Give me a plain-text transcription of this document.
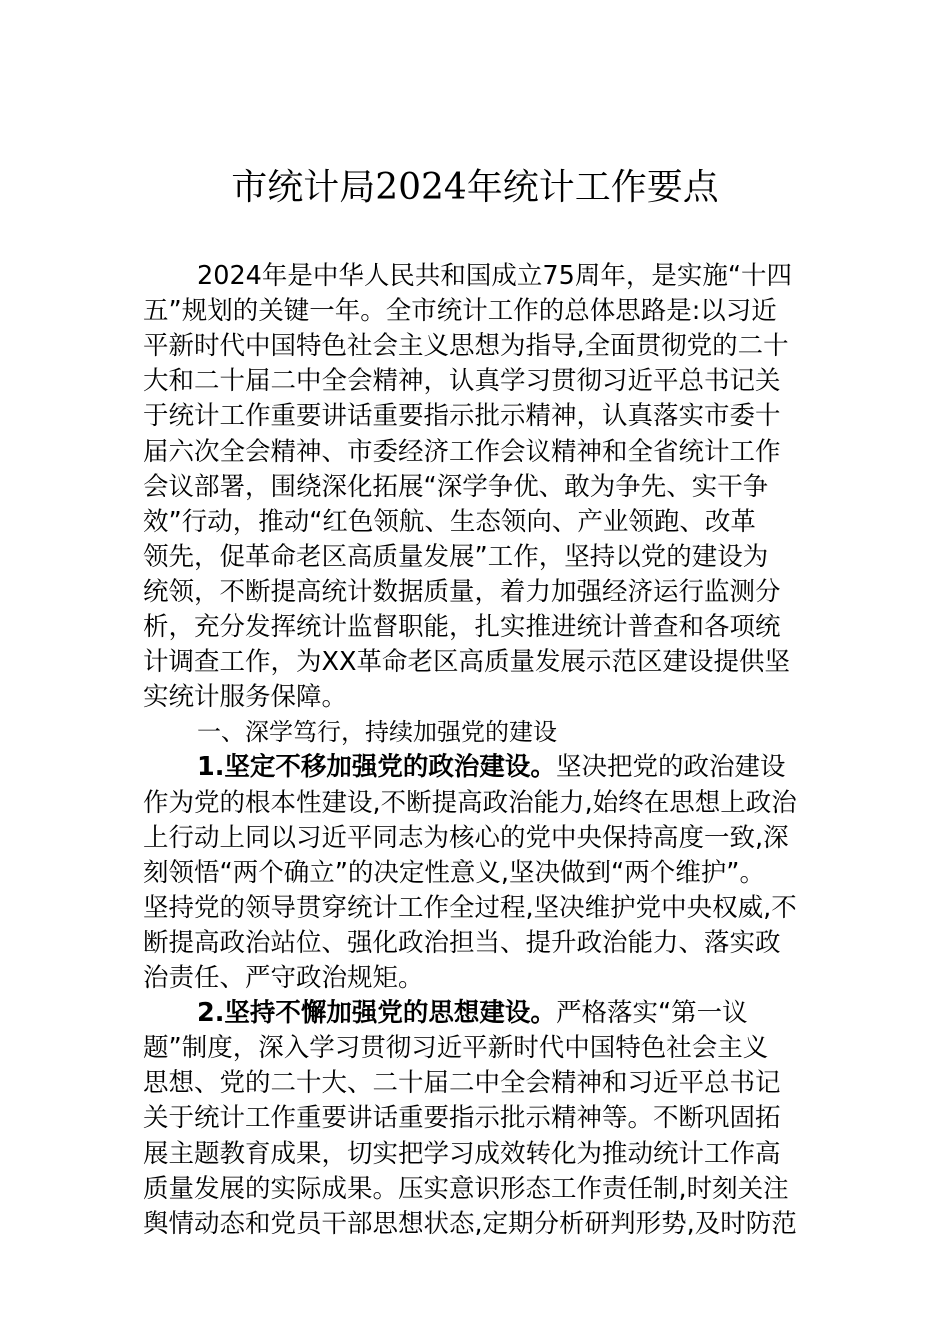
市统计局2024年统计工作要点
2024年是中华人民共和国成立75周年，是实施“十四
五”规划的关键一年。全市统计工作的总体思路是:以习近
平新时代中国特色社会主义思想为指导,全面贯彻党的二十
大和二十届二中全会精神，认真学习贯彻习近平总书记关
于统计工作重要讲话重要指示批示精神，认真落实市委十
届六次全会精神、市委经济工作会议精神和全省统计工作
会议部署，围绕深化拓展“深学争优、敢为争先、实干争
效”行动，推动“红色领航、生态领向、产业领跑、改革
领先，促革命老区高质量发展”工作，坚持以党的建设为
统领，不断提高统计数据质量，着力加强经济运行监测分
析，充分发挥统计监督职能，扎实推进统计普查和各项统
计调查工作，为XX革命老区高质量发展示范区建设提供坚
实统计服务保障。
一、深学笃行，持续加强党的建设
1.坚定不移加强党的政治建设。坚决把党的政治建设
作为党的根本性建设,不断提高政治能力,始终在思想上政治
上行动上同以习近平同志为核心的党中央保持高度一致,深
刻领悟“两个确立”的决定性意义,坚决做到“两个维护”。
坚持党的领导贯穿统计工作全过程,坚决维护党中央权威,不
断提高政治站位、强化政治担当、提升政治能力、落实政
治责任、严守政治规矩。
2.坚持不懈加强党的思想建设。严格落实“第一议
题”制度，深入学习贯彻习近平新时代中国特色社会主义
思想、党的二十大、二十届二中全会精神和习近平总书记
关于统计工作重要讲话重要指示批示精神等。不断巩固拓
展主题教育成果，切实把学习成效转化为推动统计工作高
质量发展的实际成果。压实意识形态工作责任制,时刻关注
舆情动态和党员干部思想状态,定期分析研判形势,及时防范
